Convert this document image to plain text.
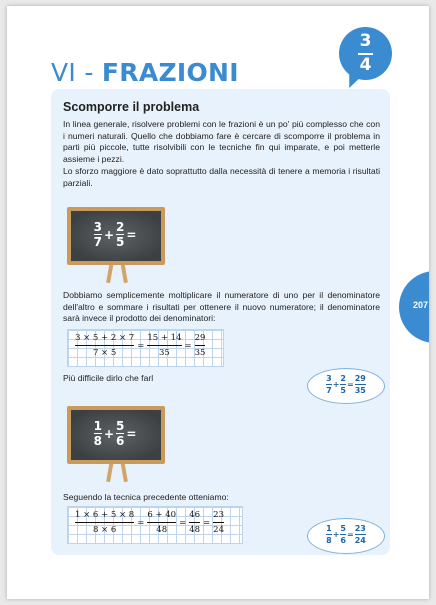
VI - FRAZIONI
3
4
207
Scomporre il problema
In linea generale, risolvere problemi con le frazioni è un po' più complesso che con i numeri naturali. Quello che dobbiamo fare è cercare di scomporre il problema in parti più piccole, tutte risolvibili con le tecniche fin qui imparate, e poi metterle assieme i pezzi.
Lo sforzo maggiore è dato soprattutto dalla necessità di tenere a memoria i risultati parziali.
$\frac{3}{7} + \frac{2}{5}$ =
Dobbiamo semplicemente moltiplicare il numeratore di uno per il denominatore dell'altro e sommare i risultati per ottenere il nuovo numeratore; il denominatore sarà invece il prodotto dei denominatori:
$\frac{3 \times 5 + 2 \times 7}{7 \times 5} = \frac{15 + 14}{35} = \frac{29}{35}$
Più difficile dirlo che farl	$\frac{3}{7}+\frac{2}{5}=\frac{29}{35}$
$\frac{1}{8} + \frac{5}{6}$ =
Seguendo la tecnica precedente otteniamo:
$\frac{1 \times 6 + 5 \times 8}{8 \times 6} = \frac{6 + 40}{48} = \frac{46}{48} = \frac{23}{24}$	$\frac{1}{8}+\frac{5}{6}=\frac{23}{24}$
